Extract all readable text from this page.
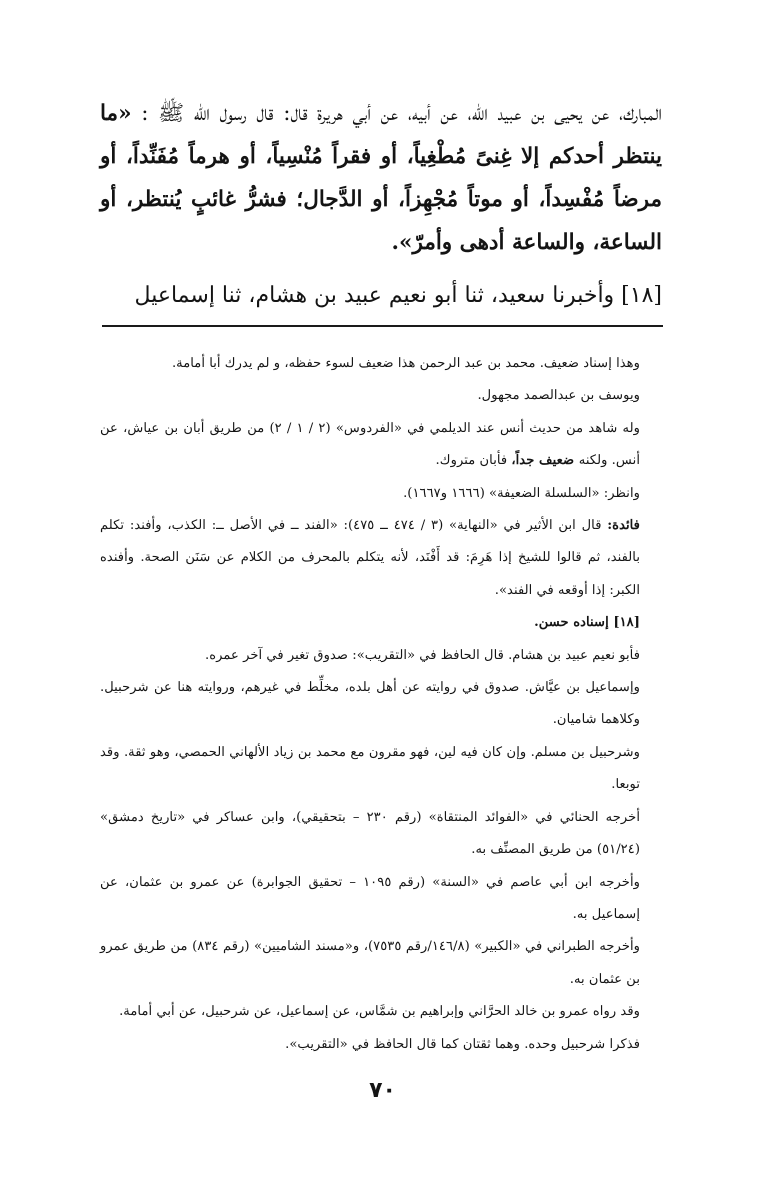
المبارك، عن يحيى بن عبيد الله، عن أبيه، عن أبي هريرة قال: قال رسول الله ﷺ : «ما ينتظر أحدكم إلا غِنىً مُطْغِياً، أو فقراً مُنْسِياً، أو هرماً مُفَنِّداً، أو مرضاً مُفْسِداً، أو موتاً مُجْهِزاً، أو الدَّجال؛ فشرُّ غائبٍ يُنتظر، أو الساعة، والساعة أدهى وأمرّ».

[١٨] وأخبرنا سعيد، ثنا أبو نعيم عبيد بن هشام، ثنا إسماعيل

وهذا إسناد ضعيف. محمد بن عبد الرحمن هذا ضعيف لسوء حفظه، و لم يدرك أبا أمامة.

ويوسف بن عبدالصمد مجهول.

وله شاهد من حديث أنس عند الديلمي في «الفردوس» (٢ / ١ / ٢) من طريق أبان بن عياش، عن أنس. ولكنه ضعيف جداً، فأبان متروك.

وانظر: «السلسلة الضعيفة» (١٦٦٦ و١٦٦٧).

فائدة: قال ابن الأثير في «النهاية» (٣ / ٤٧٤ ــ ٤٧٥): «الفند ــ في الأصل ــ: الكذب، وأفند: تكلم بالفند، ثم قالوا للشيخ إذا هَرِمَ: قد أَفْنَد، لأنه يتكلم بالمحرف من الكلام عن سَنَن الصحة. وأفنده الكبر: إذا أوقعه في الفند».

[١٨] إسناده حسن.

فأبو نعيم عبيد بن هشام. قال الحافظ في «التقريب»: صدوق تغير في آخر عمره.

وإسماعيل بن عيَّاش. صدوق في روايته عن أهل بلده، مخلِّط في غيرهم، وروايته هنا عن شرحبيل. وكلاهما شاميان.

وشرحبيل بن مسلم. وإن كان فيه لين، فهو مقرون مع محمد بن زياد الألهاني الحمصي، وهو ثقة. وقد توبعا.

أخرجه الحنائي في «الفوائد المنتقاة» (رقم ٢٣٠ – بتحقيقي)، وابن عساكر في «تاريخ دمشق» (٥١/٢٤) من طريق المصنِّف به.

وأخرجه ابن أبي عاصم في «السنة» (رقم ١٠٩٥ – تحقيق الجوابرة) عن عمرو بن عثمان، عن إسماعيل به.

وأخرجه الطبراني في «الكبير» (١٤٦/٨/رقم ٧٥٣٥)، و«مسند الشاميين» (رقم ٨٣٤) من طريق عمرو بن عثمان به.

وقد رواه عمرو بن خالد الحرَّاني وإبراهيم بن شمَّاس، عن إسماعيل، عن شرحبيل، عن أبي أمامة.

فذكرا شرحبيل وحده. وهما ثقتان كما قال الحافظ في «التقريب».

٧٠
